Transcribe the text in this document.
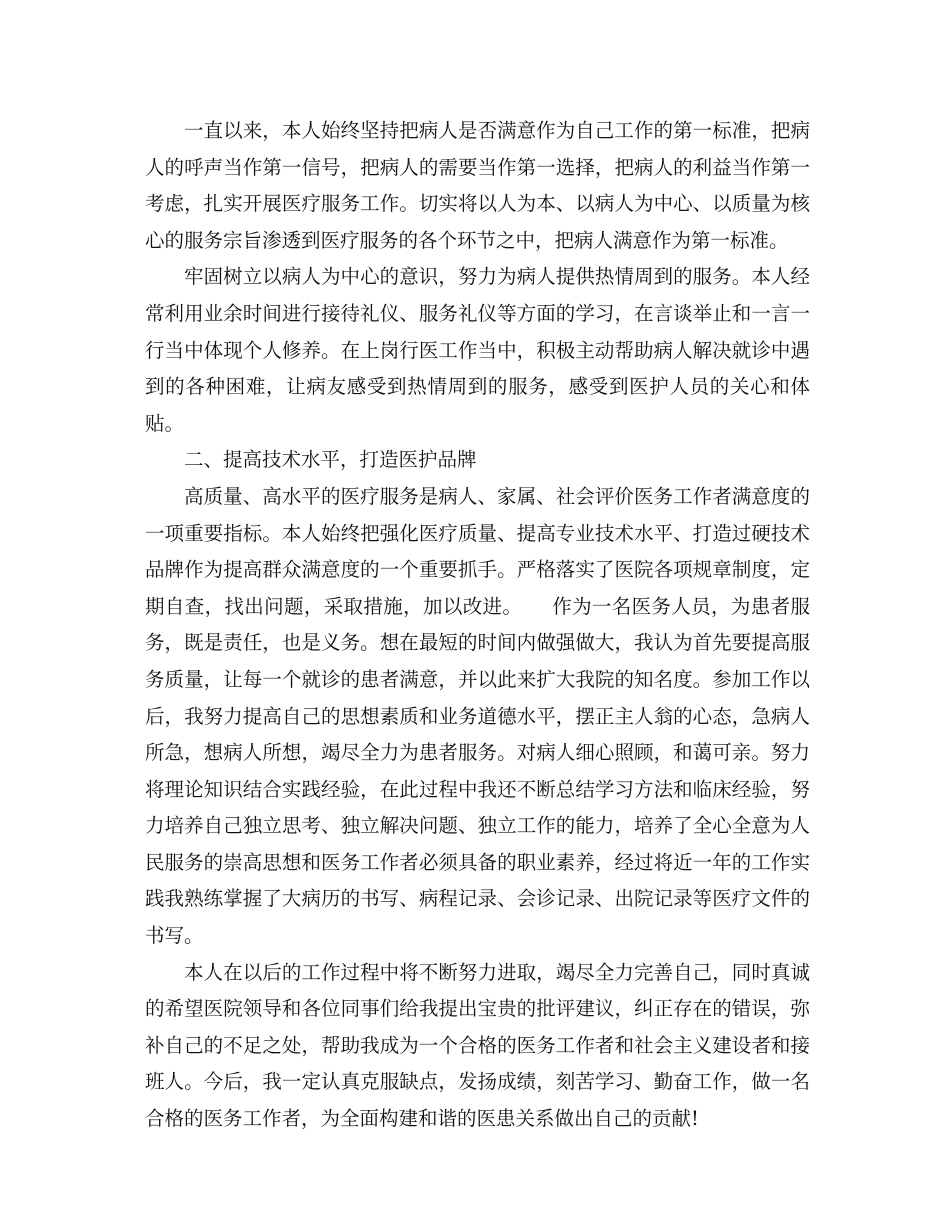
一直以来，本人始终坚持把病人是否满意作为自己工作的第一标准，把病人的呼声当作第一信号，把病人的需要当作第一选择，把病人的利益当作第一考虑，扎实开展医疗服务工作。切实将以人为本、以病人为中心、以质量为核心的服务宗旨渗透到医疗服务的各个环节之中，把病人满意作为第一标准。

牢固树立以病人为中心的意识，努力为病人提供热情周到的服务。本人经常利用业余时间进行接待礼仪、服务礼仪等方面的学习，在言谈举止和一言一行当中体现个人修养。在上岗行医工作当中，积极主动帮助病人解决就诊中遇到的各种困难，让病友感受到热情周到的服务，感受到医护人员的关心和体贴。

二、提高技术水平，打造医护品牌

高质量、高水平的医疗服务是病人、家属、社会评价医务工作者满意度的一项重要指标。本人始终把强化医疗质量、提高专业技术水平、打造过硬技术品牌作为提高群众满意度的一个重要抓手。严格落实了医院各项规章制度，定期自查，找出问题，采取措施，加以改进。　　作为一名医务人员，为患者服务，既是责任，也是义务。想在最短的时间内做强做大，我认为首先要提高服务质量，让每一个就诊的患者满意，并以此来扩大我院的知名度。参加工作以后，我努力提高自己的思想素质和业务道德水平，摆正主人翁的心态，急病人所急，想病人所想，竭尽全力为患者服务。对病人细心照顾，和蔼可亲。努力将理论知识结合实践经验，在此过程中我还不断总结学习方法和临床经验，努力培养自己独立思考、独立解决问题、独立工作的能力，培养了全心全意为人民服务的崇高思想和医务工作者必须具备的职业素养，经过将近一年的工作实践我熟练掌握了大病历的书写、病程记录、会诊记录、出院记录等医疗文件的书写。

本人在以后的工作过程中将不断努力进取，竭尽全力完善自己，同时真诚的希望医院领导和各位同事们给我提出宝贵的批评建议，纠正存在的错误，弥补自己的不足之处，帮助我成为一个合格的医务工作者和社会主义建设者和接班人。今后，我一定认真克服缺点，发扬成绩，刻苦学习、勤奋工作，做一名合格的医务工作者，为全面构建和谐的医患关系做出自己的贡献!
